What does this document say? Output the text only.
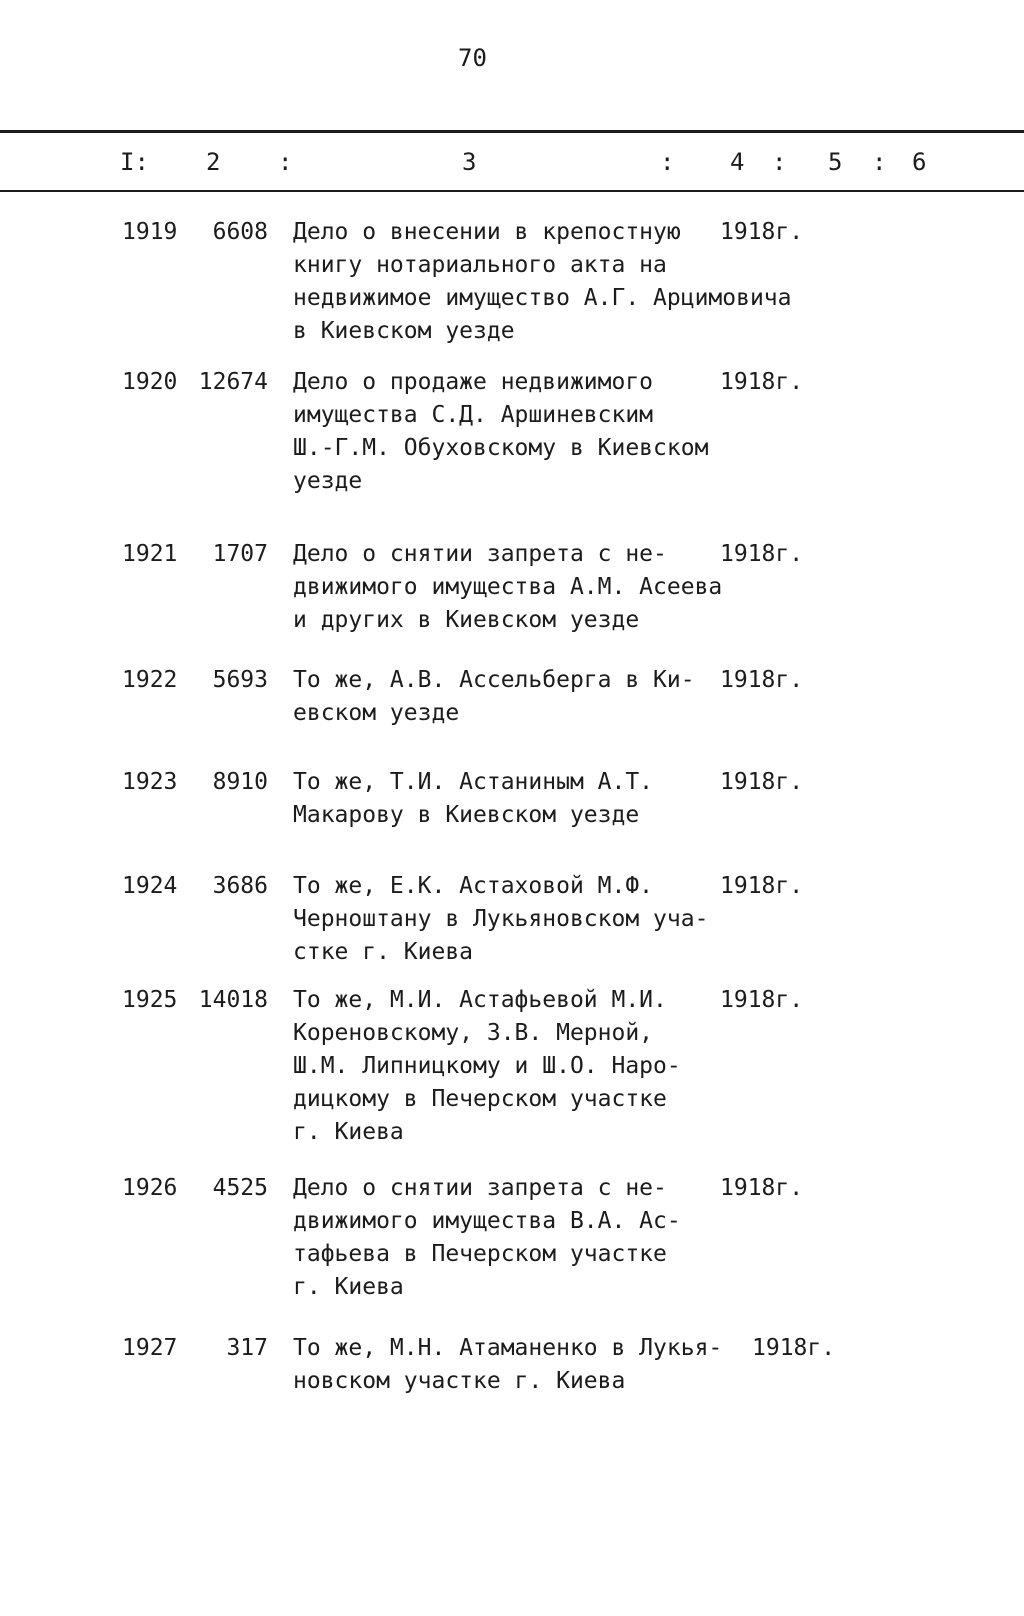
70
I: 2 :	3	: 4 : 5 : 6
1919	6608 Дело о внесении в крепостную
книгу нотариального акта на
недвижимое имущество А.Г. Арцимовича
в Киевском уезде
1918г.
1920 12674 Дело о продаже недвижимого
имущества С.Д. Аршиневским
Ш.-Г.М. Обуховскому в Киевском
уезде
1918г.
1921	1707 Дело о снятии запрета с не-
движимого имущества А.М. Асеева
и других в Киевском уезде
1918г.
1922	5693 То же, А.В. Ассельберга в Ки-
евском уезде
1918г.
1923	8910 То же, Т.И. Астаниным А.Т.
Макарову в Киевском уезде
1918г.
1924	3686 То же, Е.К. Астаховой М.Ф.
Черноштану в Лукьяновском уча-
стке г. Киева
1918г.
1925 14018 То же, М.И. Астафьевой М.И.
Кореновскому, З.В. Мерной,
Ш.М. Липницкому и Ш.О. Наро-
дицкому в Печерском участке
г. Киева
1918г.
1926	4525 Дело о снятии запрета с не-
движимого имущества В.А. Ас-
тафьева в Печерском участке
г. Киева
1918г.
1927	317 То же, М.Н. Атаманенко в Лукья-
новском участке г. Киева
1918г.
